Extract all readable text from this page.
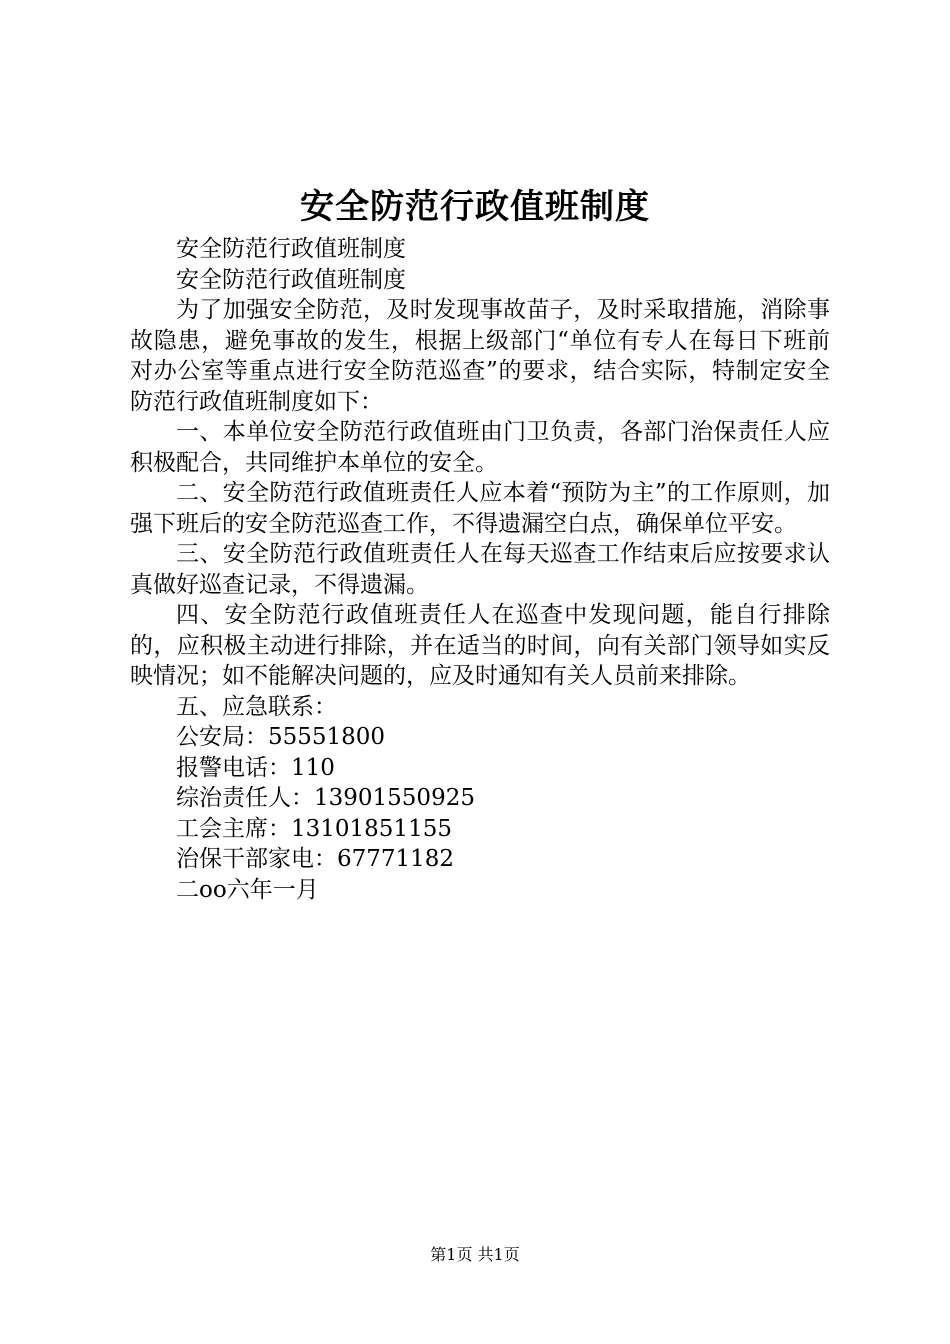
安全防范行政值班制度

安全防范行政值班制度

安全防范行政值班制度

为了加强安全防范，及时发现事故苗子，及时采取措施，消除事故隐患，避免事故的发生，根据上级部门“单位有专人在每日下班前对办公室等重点进行安全防范巡查”的要求，结合实际，特制定安全防范行政值班制度如下：

一、本单位安全防范行政值班由门卫负责，各部门治保责任人应积极配合，共同维护本单位的安全。

二、安全防范行政值班责任人应本着“预防为主”的工作原则，加强下班后的安全防范巡查工作，不得遗漏空白点，确保单位平安。

三、安全防范行政值班责任人在每天巡查工作结束后应按要求认真做好巡查记录，不得遗漏。

四、安全防范行政值班责任人在巡查中发现问题，能自行排除的，应积极主动进行排除，并在适当的时间，向有关部门领导如实反映情况；如不能解决问题的，应及时通知有关人员前来排除。

五、应急联系：

公安局：55551800

报警电话：110

综治责任人：13901550925

工会主席：13101851155

治保干部家电：67771182

二oo六年一月

第1页 共1页
